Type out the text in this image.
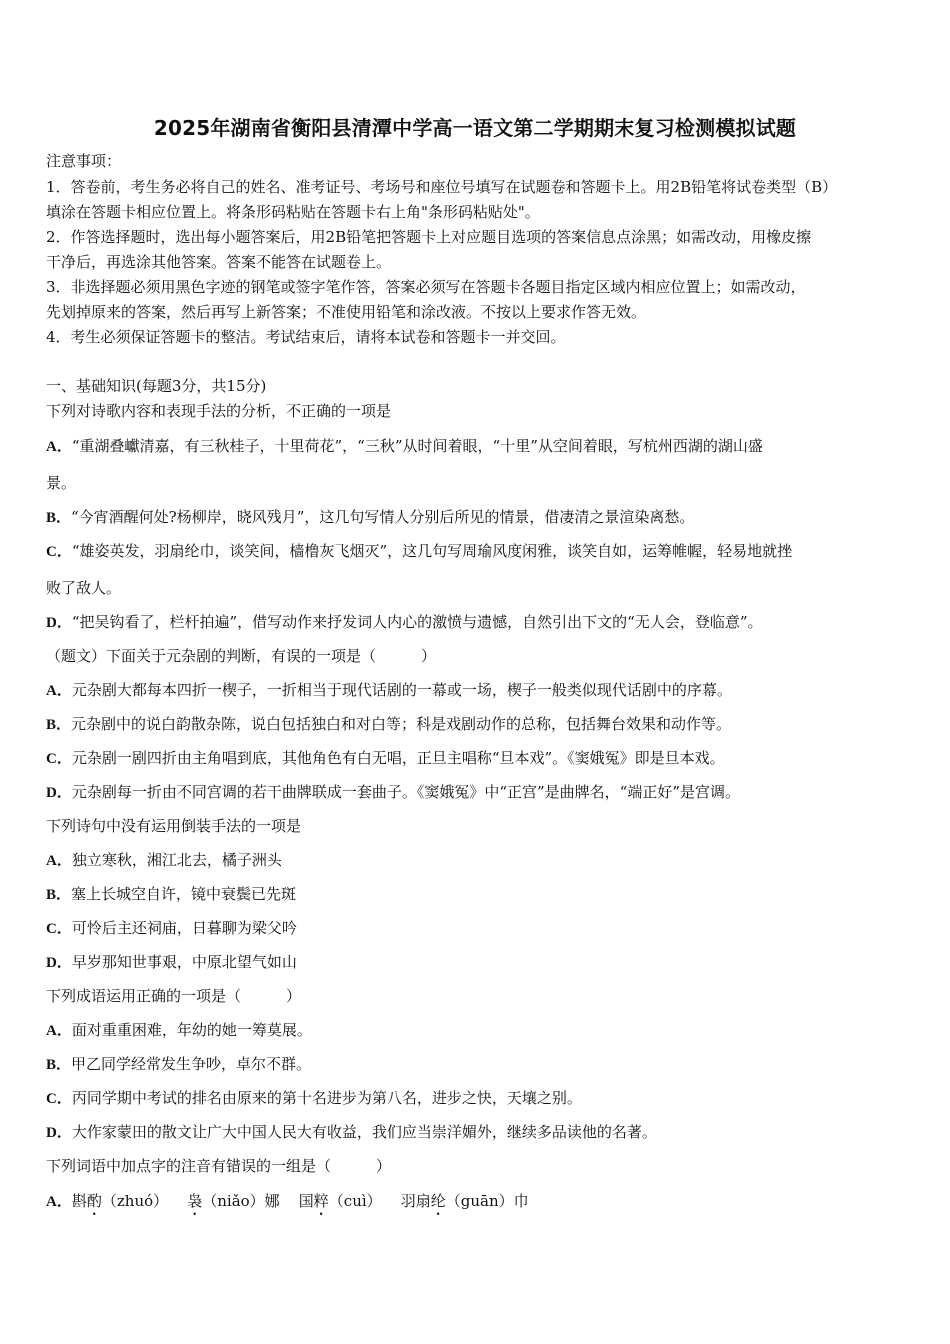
2025年湖南省衡阳县清潭中学高一语文第二学期期末复习检测模拟试题
注意事项：
1．答卷前，考生务必将自己的姓名、准考证号、考场号和座位号填写在试题卷和答题卡上。用2B铅笔将试卷类型（B）
填涂在答题卡相应位置上。将条形码粘贴在答题卡右上角"条形码粘贴处"。
2．作答选择题时，选出每小题答案后，用2B铅笔把答题卡上对应题目选项的答案信息点涂黑；如需改动，用橡皮擦
干净后，再选涂其他答案。答案不能答在试题卷上。
3．非选择题必须用黑色字迹的钢笔或签字笔作答，答案必须写在答题卡各题目指定区域内相应位置上；如需改动，
先划掉原来的答案，然后再写上新答案；不准使用铅笔和涂改液。不按以上要求作答无效。
4．考生必须保证答题卡的整洁。考试结束后，请将本试卷和答题卡一并交回。
一、基础知识(每题3分，共15分)
下列对诗歌内容和表现手法的分析，不正确的一项是
A．“重湖叠巘清嘉，有三秋桂子，十里荷花”，“三秋”从时间着眼，“十里”从空间着眼，写杭州西湖的湖山盛
景。
B．“今宵酒醒何处?杨柳岸，晓风残月”，这几句写情人分别后所见的情景，借凄清之景渲染离愁。
C．“雄姿英发，羽扇纶巾，谈笑间，樯橹灰飞烟灭”，这几句写周瑜风度闲雅，谈笑自如，运筹帷幄，轻易地就挫
败了敌人。
D．“把吴钩看了，栏杆拍遍”，借写动作来抒发词人内心的激愤与遗憾，自然引出下文的“无人会，登临意”。
（题文）下面关于元杂剧的判断，有误的一项是（　　　）
A．元杂剧大都每本四折一楔子，一折相当于现代话剧的一幕或一场，楔子一般类似现代话剧中的序幕。
B．元杂剧中的说白韵散杂陈，说白包括独白和对白等；科是戏剧动作的总称，包括舞台效果和动作等。
C．元杂剧一剧四折由主角唱到底，其他角色有白无唱，正旦主唱称“旦本戏”。《窦娥冤》即是旦本戏。
D．元杂剧每一折由不同宫调的若干曲牌联成一套曲子。《窦娥冤》中“正宫”是曲牌名，“端正好”是宫调。
下列诗句中没有运用倒装手法的一项是
A．独立寒秋，湘江北去，橘子洲头
B．塞上长城空自许，镜中衰鬓已先斑
C．可怜后主还祠庙，日暮聊为梁父吟
D．早岁那知世事艰，中原北望气如山
下列成语运用正确的一项是（　　　）
A．面对重重困难，年幼的她一筹莫展。
B．甲乙同学经常发生争吵，卓尔不群。
C．丙同学期中考试的排名由原来的第十名进步为第八名，进步之快，天壤之别。
D．大作家蒙田的散文让广大中国人民大有收益，我们应当崇洋媚外，继续多品读他的名著。
下列词语中加点字的注音有错误的一组是（　　　）
A．斟酌（zhuó） 袅（niǎo）娜 国粹（cuì） 羽扇纶（guān）巾
